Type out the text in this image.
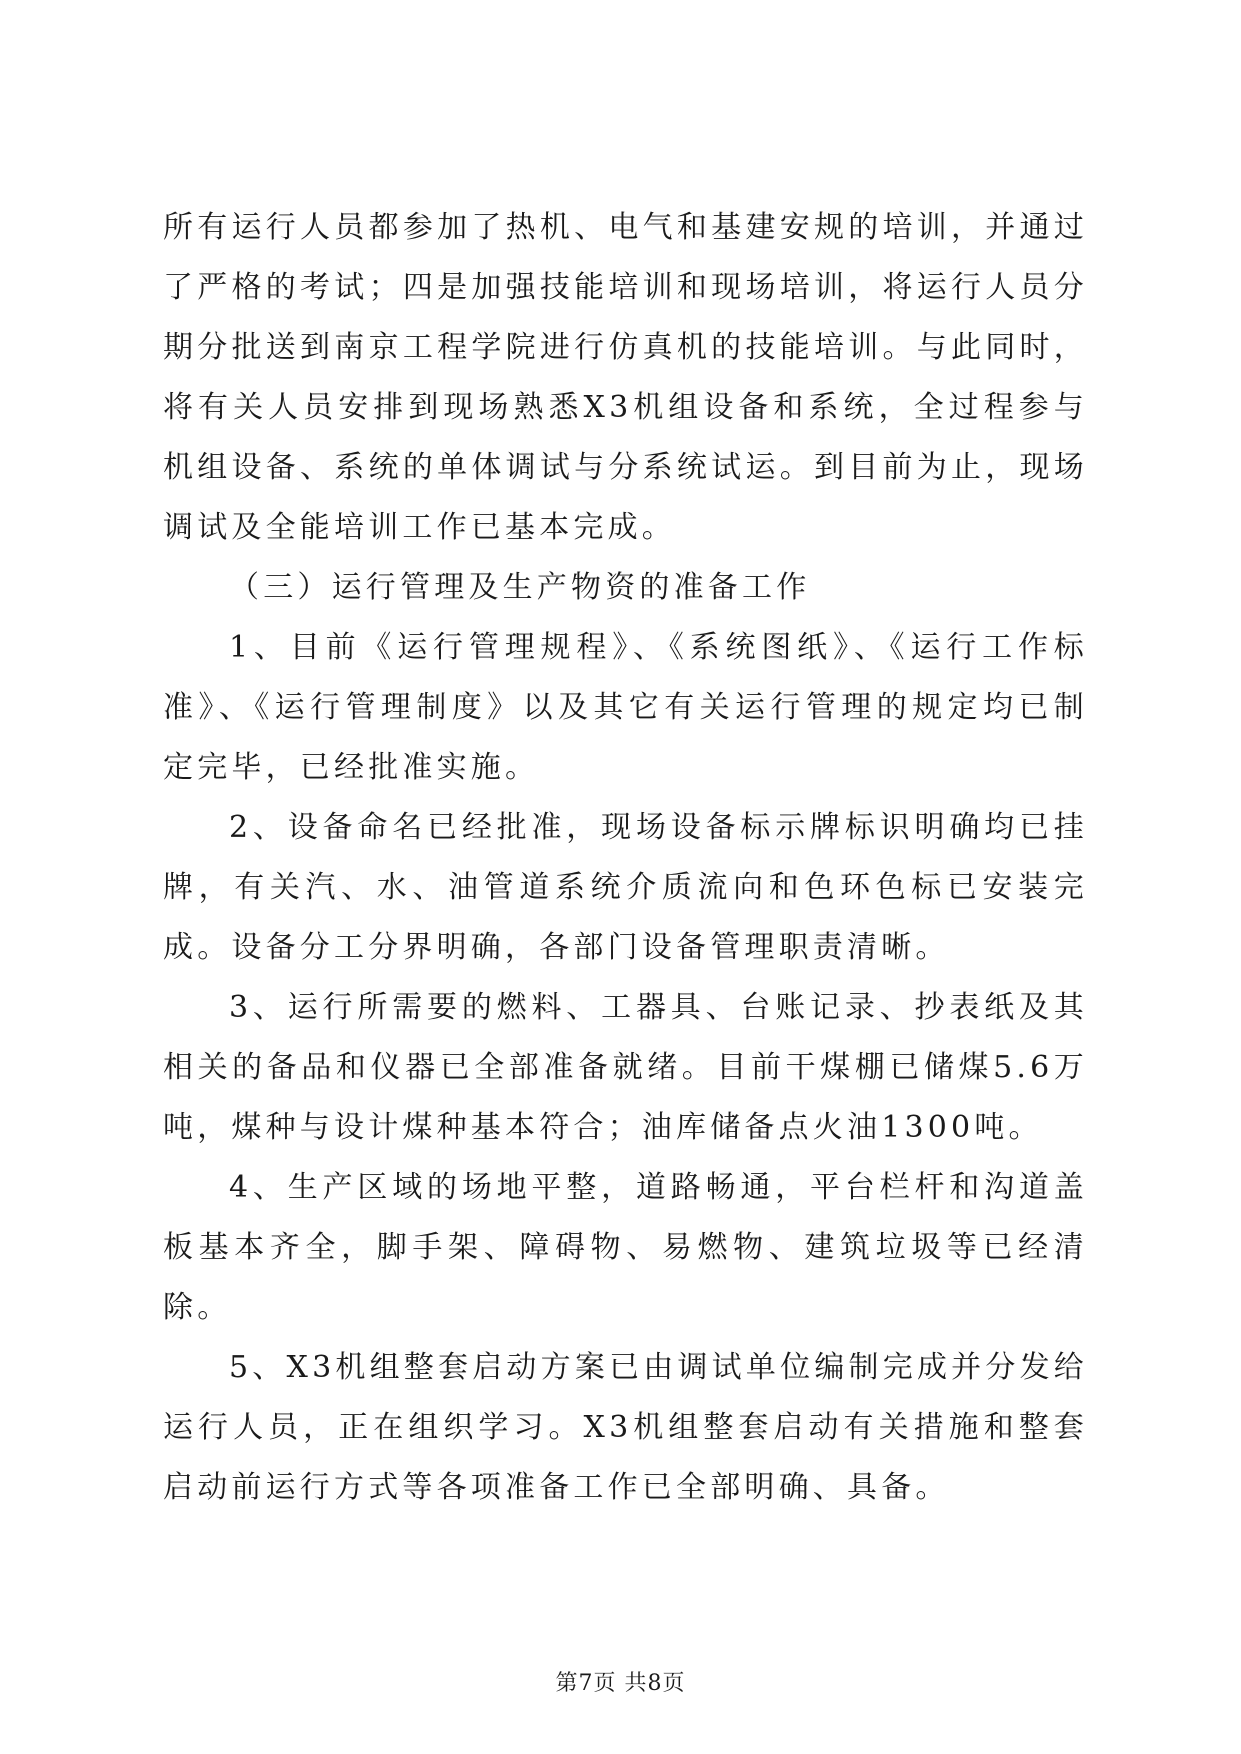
所有运行人员都参加了热机、电气和基建安规的培训，并通过了严格的考试；四是加强技能培训和现场培训，将运行人员分期分批送到南京工程学院进行仿真机的技能培训。与此同时，将有关人员安排到现场熟悉X3机组设备和系统，全过程参与机组设备、系统的单体调试与分系统试运。到目前为止，现场调试及全能培训工作已基本完成。

（三）运行管理及生产物资的准备工作

1、目前《运行管理规程》、《系统图纸》、《运行工作标准》、《运行管理制度》以及其它有关运行管理的规定均已制定完毕，已经批准实施。

2、设备命名已经批准，现场设备标示牌标识明确均已挂牌，有关汽、水、油管道系统介质流向和色环色标已安装完成。设备分工分界明确，各部门设备管理职责清晰。

3、运行所需要的燃料、工器具、台账记录、抄表纸及其相关的备品和仪器已全部准备就绪。目前干煤棚已储煤5.6万吨，煤种与设计煤种基本符合；油库储备点火油1300吨。

4、生产区域的场地平整，道路畅通，平台栏杆和沟道盖板基本齐全，脚手架、障碍物、易燃物、建筑垃圾等已经清除。

5、X3机组整套启动方案已由调试单位编制完成并分发给运行人员，正在组织学习。X3机组整套启动有关措施和整套启动前运行方式等各项准备工作已全部明确、具备。

第7页 共8页
